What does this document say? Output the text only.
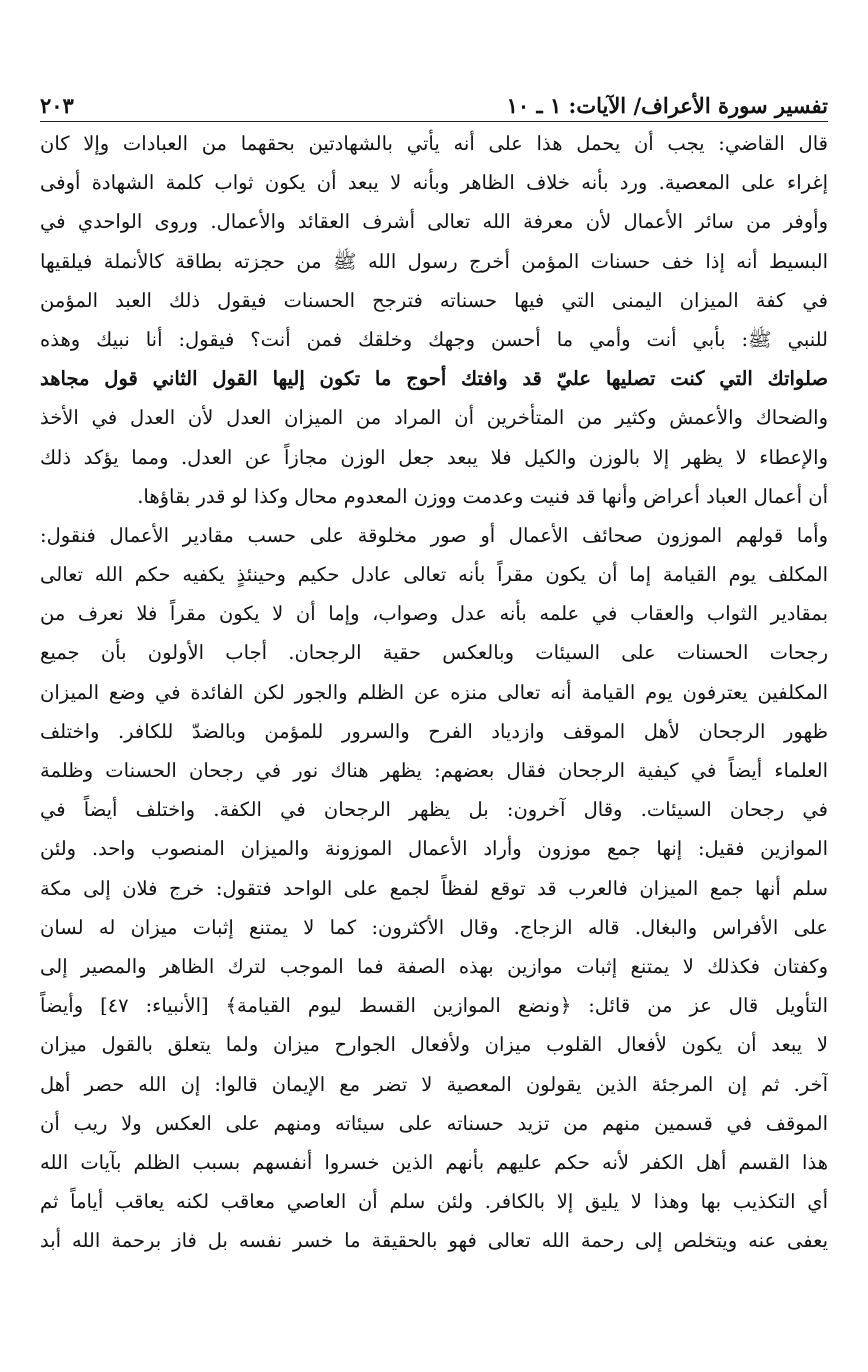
تفسير سورة الأعراف/ الآيات: ١ ـ ١٠
٢٠٣
قال القاضي: يجب أن يحمل هذا على أنه يأتي بالشهادتين بحقهما من العبادات وإلا كان
إغراء على المعصية. ورد بأنه خلاف الظاهر وبأنه لا يبعد أن يكون ثواب كلمة الشهادة أوفى
وأوفر من سائر الأعمال لأن معرفة الله تعالى أشرف العقائد والأعمال. وروى الواحدي في
البسيط أنه إذا خف حسنات المؤمن أخرج رسول الله ﷺ من حجزته بطاقة كالأنملة فيلقيها
في كفة الميزان اليمنى التي فيها حسناته فترجح الحسنات فيقول ذلك العبد المؤمن
للنبي ﷺ: بأبي أنت وأمي ما أحسن وجهك وخلقك فمن أنت؟ فيقول: أنا نبيك وهذه
صلواتك التي كنت تصليها عليّ قد وافتك أحوج ما تكون إليها القول الثاني قول مجاهد
والضحاك والأعمش وكثير من المتأخرين أن المراد من الميزان العدل لأن العدل في الأخذ
والإعطاء لا يظهر إلا بالوزن والكيل فلا يبعد جعل الوزن مجازاً عن العدل. ومما يؤكد ذلك
أن أعمال العباد أعراض وأنها قد فنيت وعدمت ووزن المعدوم محال وكذا لو قدر بقاؤها.
وأما قولهم الموزون صحائف الأعمال أو صور مخلوقة على حسب مقادير الأعمال فنقول:
المكلف يوم القيامة إما أن يكون مقراً بأنه تعالى عادل حكيم وحينئذٍ يكفيه حكم الله تعالى
بمقادير الثواب والعقاب في علمه بأنه عدل وصواب، وإما أن لا يكون مقراً فلا نعرف من
رجحات الحسنات على السيئات وبالعكس حقية الرجحان. أجاب الأولون بأن جميع
المكلفين يعترفون يوم القيامة أنه تعالى منزه عن الظلم والجور لكن الفائدة في وضع الميزان
ظهور الرجحان لأهل الموقف وازدياد الفرح والسرور للمؤمن وبالضدّ للكافر. واختلف
العلماء أيضاً في كيفية الرجحان فقال بعضهم: يظهر هناك نور في رجحان الحسنات وظلمة
في رجحان السيئات. وقال آخرون: بل يظهر الرجحان في الكفة. واختلف أيضاً في
الموازين فقيل: إنها جمع موزون وأراد الأعمال الموزونة والميزان المنصوب واحد. ولئن
سلم أنها جمع الميزان فالعرب قد توقع لفظاً لجمع على الواحد فتقول: خرج فلان إلى مكة
على الأفراس والبغال. قاله الزجاج. وقال الأكثرون: كما لا يمتنع إثبات ميزان له لسان
وكفتان فكذلك لا يمتنع إثبات موازين بهذه الصفة فما الموجب لترك الظاهر والمصير إلى
التأويل قال عز من قائل: ﴿ونضع الموازين القسط ليوم القيامة﴾ [الأنبياء: ٤٧] وأيضاً
لا يبعد أن يكون لأفعال القلوب ميزان ولأفعال الجوارح ميزان ولما يتعلق بالقول ميزان
آخر. ثم إن المرجئة الذين يقولون المعصية لا تضر مع الإيمان قالوا: إن الله حصر أهل
الموقف في قسمين منهم من تزيد حسناته على سيئاته ومنهم على العكس ولا ريب أن
هذا القسم أهل الكفر لأنه حكم عليهم بأنهم الذين خسروا أنفسهم بسبب الظلم بآيات الله
أي التكذيب بها وهذا لا يليق إلا بالكافر. ولئن سلم أن العاصي معاقب لكنه يعاقب أياماً ثم
يعفى عنه ويتخلص إلى رحمة الله تعالى فهو بالحقيقة ما خسر نفسه بل فاز برحمة الله أبد
